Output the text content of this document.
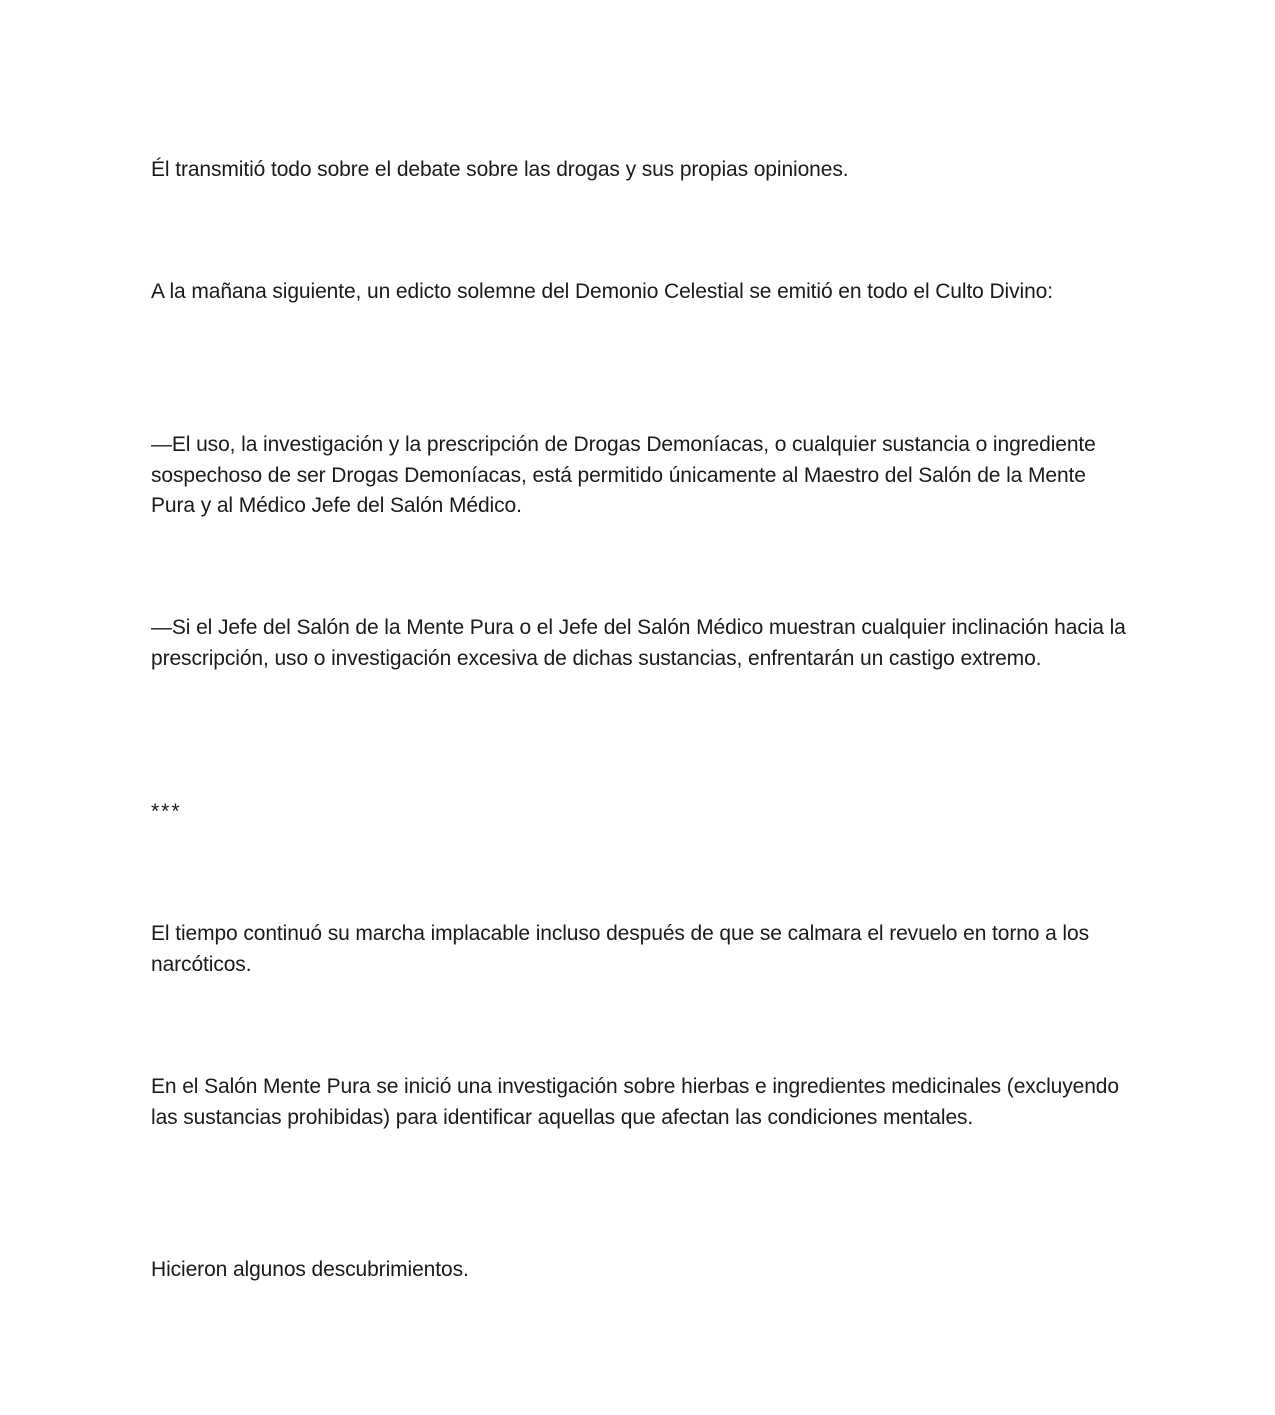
Él transmitió todo sobre el debate sobre las drogas y sus propias opiniones.

A la mañana siguiente, un edicto solemne del Demonio Celestial se emitió en todo el Culto Divino:

—El uso, la investigación y la prescripción de Drogas Demoníacas, o cualquier sustancia o ingrediente sospechoso de ser Drogas Demoníacas, está permitido únicamente al Maestro del Salón de la Mente Pura y al Médico Jefe del Salón Médico.

—Si el Jefe del Salón de la Mente Pura o el Jefe del Salón Médico muestran cualquier inclinación hacia la prescripción, uso o investigación excesiva de dichas sustancias, enfrentarán un castigo extremo.

***

El tiempo continuó su marcha implacable incluso después de que se calmara el revuelo en torno a los narcóticos.

En el Salón Mente Pura se inició una investigación sobre hierbas e ingredientes medicinales (excluyendo las sustancias prohibidas) para identificar aquellas que afectan las condiciones mentales.

Hicieron algunos descubrimientos.
